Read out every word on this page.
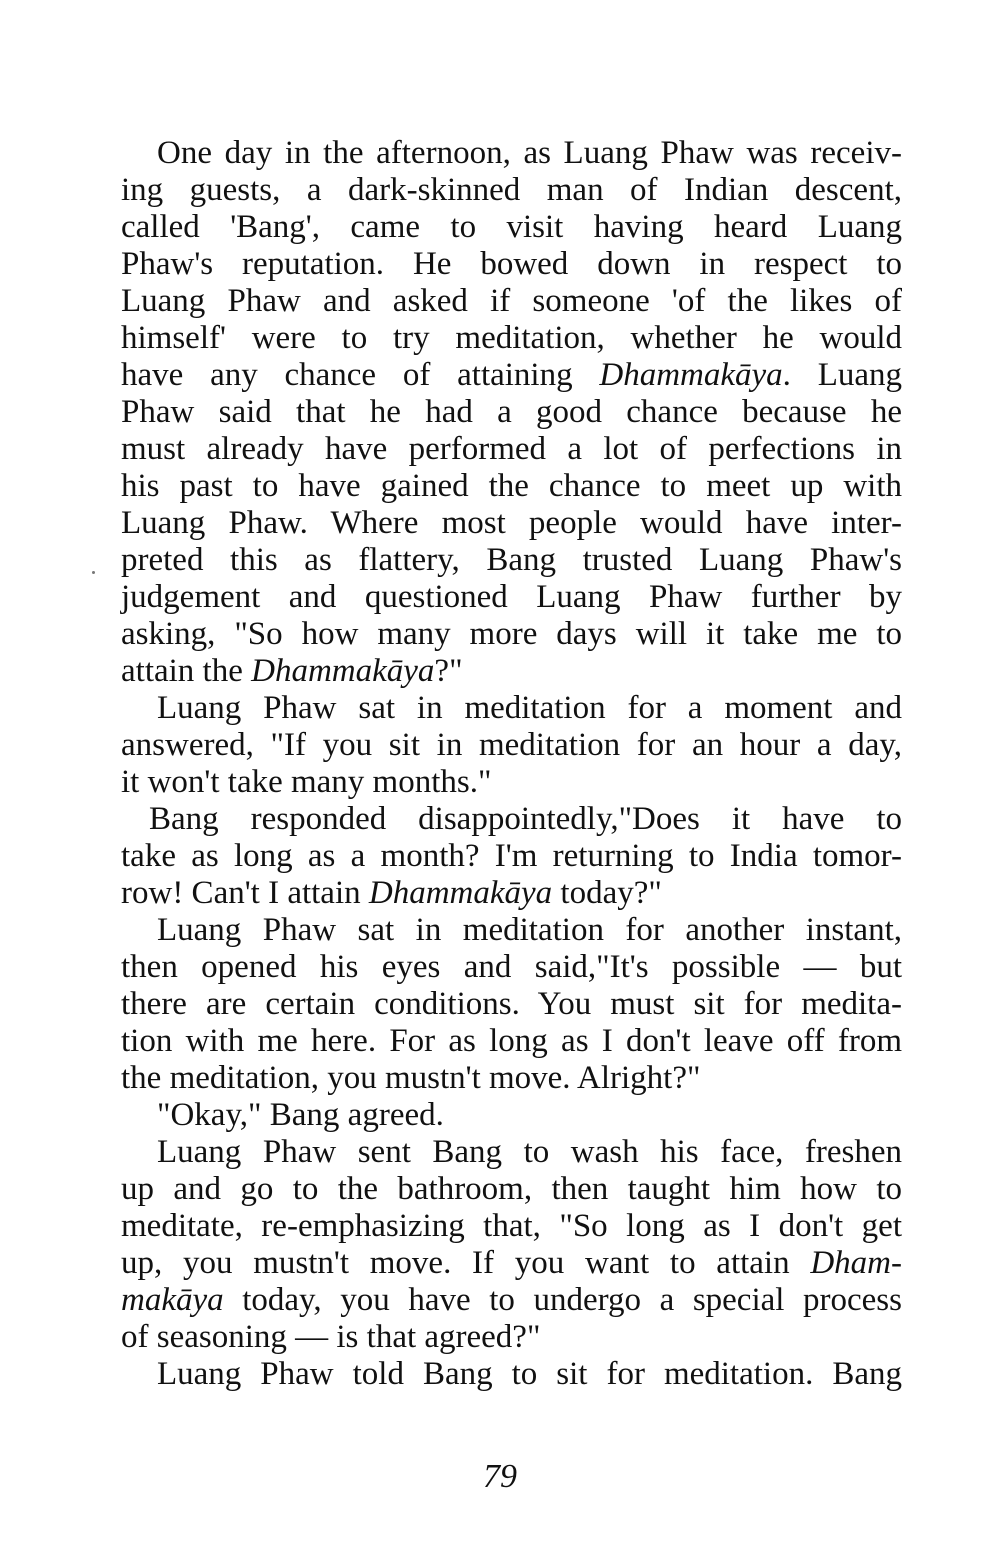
One day in the afternoon, as Luang Phaw was receiv-
ing guests, a dark-skinned man of Indian descent,
called 'Bang', came to visit having heard Luang
Phaw's reputation. He bowed down in respect to
Luang Phaw and asked if someone 'of the likes of
himself' were to try meditation, whether he would
have any chance of attaining Dhammakāya. Luang
Phaw said that he had a good chance because he
must already have performed a lot of perfections in
his past to have gained the chance to meet up with
Luang Phaw. Where most people would have inter-
preted this as flattery, Bang trusted Luang Phaw's
judgement and questioned Luang Phaw further by
asking, "So how many more days will it take me to
attain the Dhammakāya?"
Luang Phaw sat in meditation for a moment and
answered, "If you sit in meditation for an hour a day,
it won't take many months."
Bang responded disappointedly,"Does it have to
take as long as a month? I'm returning to India tomor-
row! Can't I attain Dhammakāya today?"
Luang Phaw sat in meditation for another instant,
then opened his eyes and said,"It's possible — but
there are certain conditions. You must sit for medita-
tion with me here. For as long as I don't leave off from
the meditation, you mustn't move. Alright?"
"Okay," Bang agreed.
Luang Phaw sent Bang to wash his face, freshen
up and go to the bathroom, then taught him how to
meditate, re-emphasizing that, "So long as I don't get
up, you mustn't move. If you want to attain Dham-
makāya today, you have to undergo a special process
of seasoning — is that agreed?"
Luang Phaw told Bang to sit for meditation. Bang
79
